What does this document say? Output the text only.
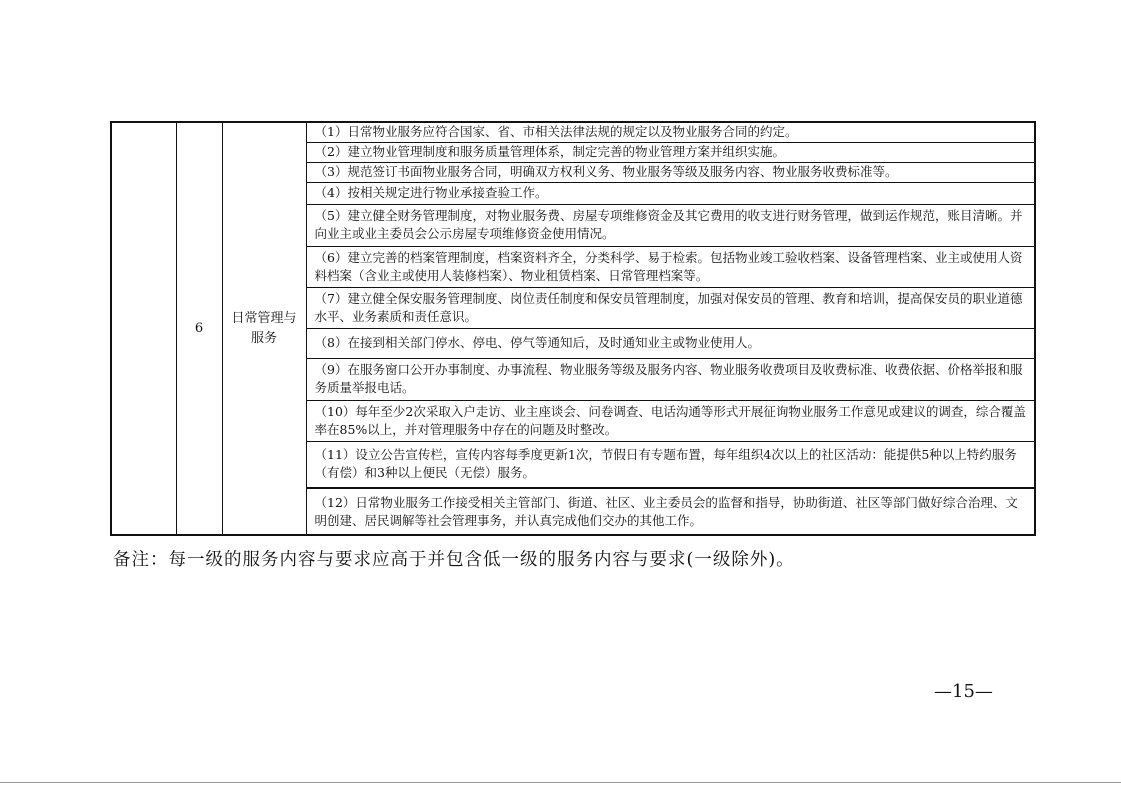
	6	
日常管理与服务
	（1）日常物业服务应符合国家、省、市相关法律法规的规定以及物业服务合同的约定。
（2）建立物业管理制度和服务质量管理体系，制定完善的物业管理方案并组织实施。
（3）规范签订书面物业服务合同，明确双方权利义务、物业服务等级及服务内容、物业服务收费标准等。
（4）按相关规定进行物业承接查验工作。
（5）建立健全财务管理制度，对物业服务费、房屋专项维修资金及其它费用的收支进行财务管理，做到运作规范，账目清晰。并向业主或业主委员会公示房屋专项维修资金使用情况。
（6）建立完善的档案管理制度，档案资料齐全，分类科学、易于检索。包括物业竣工验收档案、设备管理档案、业主或使用人资料档案（含业主或使用人装修档案）、物业租赁档案、日常管理档案等。
（7）建立健全保安服务管理制度、岗位责任制度和保安员管理制度，加强对保安员的管理、教育和培训，提高保安员的职业道德水平、业务素质和责任意识。
（8）在接到相关部门停水、停电、停气等通知后，及时通知业主或物业使用人。
（9）在服务窗口公开办事制度、办事流程、物业服务等级及服务内容、物业服务收费项目及收费标准、收费依据、价格举报和服务质量举报电话。
（10）每年至少2次采取入户走访、业主座谈会、问卷调查、电话沟通等形式开展征询物业服务工作意见或建议的调查，综合覆盖率在85%以上，并对管理服务中存在的问题及时整改。
（11）设立公告宣传栏，宣传内容每季度更新1次，节假日有专题布置，每年组织4次以上的社区活动：能提供5种以上特约服务（有偿）和3种以上便民（无偿）服务。
（12）日常物业服务工作接受相关主管部门、街道、社区、业主委员会的监督和指导，协助街道、社区等部门做好综合治理、文明创建、居民调解等社会管理事务，并认真完成他们交办的其他工作。
备注：每一级的服务内容与要求应高于并包含低一级的服务内容与要求(一级除外)。
—15—
